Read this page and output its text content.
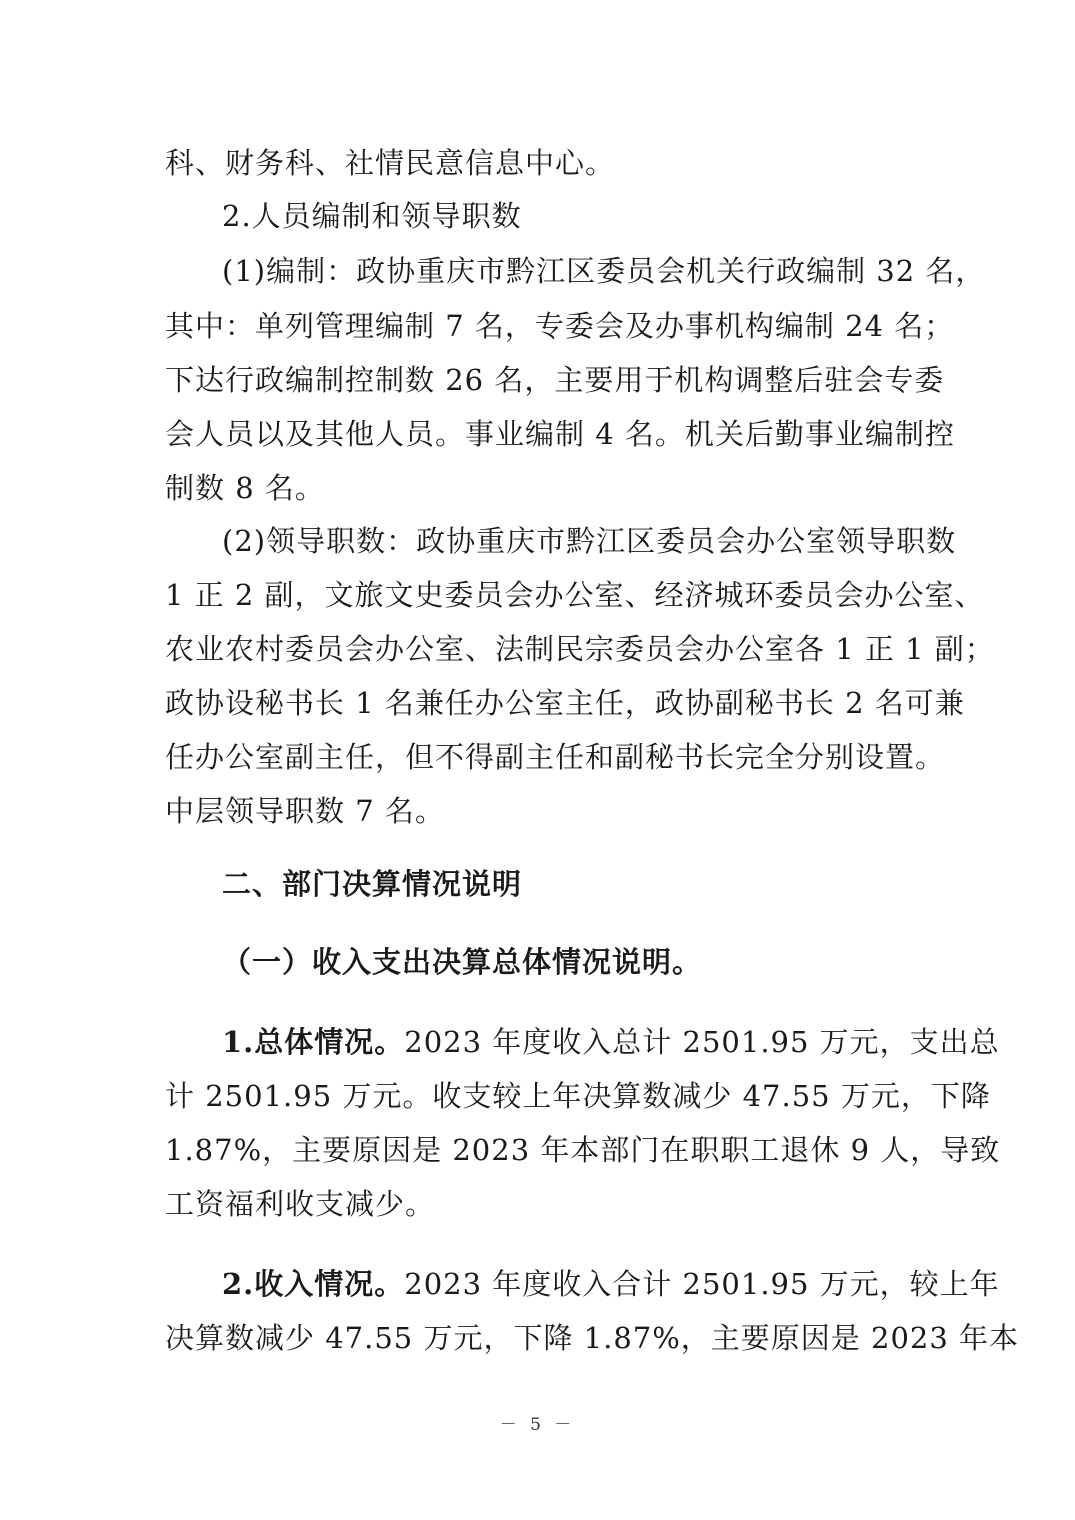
科、财务科、社情民意信息中心。
2.人员编制和领导职数
(1)编制：政协重庆市黔江区委员会机关行政编制 32 名，
其中：单列管理编制 7 名，专委会及办事机构编制 24 名；
下达行政编制控制数 26 名，主要用于机构调整后驻会专委
会人员以及其他人员。事业编制 4 名。机关后勤事业编制控
制数 8 名。
(2)领导职数：政协重庆市黔江区委员会办公室领导职数
1 正 2 副，文旅文史委员会办公室、经济城环委员会办公室、
农业农村委员会办公室、法制民宗委员会办公室各 1 正 1 副；
政协设秘书长 1 名兼任办公室主任，政协副秘书长 2 名可兼
任办公室副主任，但不得副主任和副秘书长完全分别设置。
中层领导职数 7 名。
二、部门决算情况说明
（一）收入支出决算总体情况说明。
1.总体情况。2023 年度收入总计 2501.95 万元，支出总
计 2501.95 万元。收支较上年决算数减少 47.55 万元，下降
1.87%，主要原因是 2023 年本部门在职职工退休 9 人，导致
工资福利收支减少。
2.收入情况。2023 年度收入合计 2501.95 万元，较上年
决算数减少 47.55 万元，下降 1.87%，主要原因是 2023 年本
－ 5 －
